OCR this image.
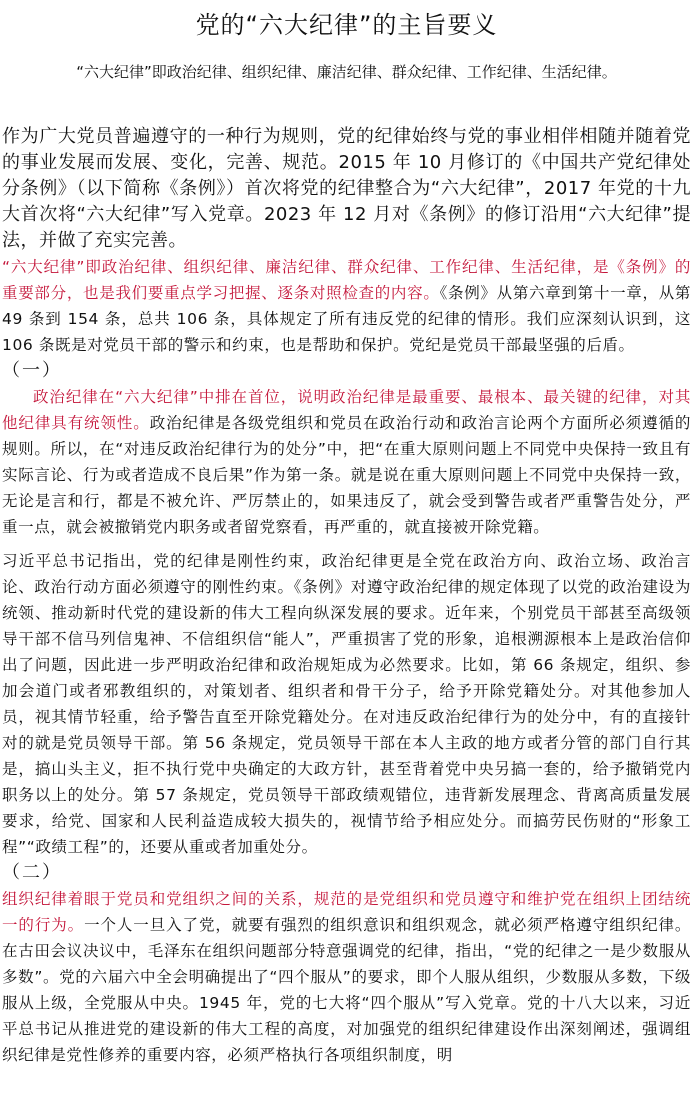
党的“六大纪律”的主旨要义

“六大纪律”即政治纪律、组织纪律、廉洁纪律、群众纪律、工作纪律、生活纪律。

作为广大党员普遍遵守的一种行为规则，党的纪律始终与党的事业相伴相随并随着党的事业发展而发展、变化，完善、规范。2015 年 10 月修订的《中国共产党纪律处分条例》（以下简称《条例》）首次将党的纪律整合为“六大纪律”，2017 年党的十九大首次将“六大纪律”写入党章。2023 年 12 月对《条例》的修订沿用“六大纪律”提法，并做了充实完善。

“六大纪律”即政治纪律、组织纪律、廉洁纪律、群众纪律、工作纪律、生活纪律，是《条例》的重要部分，也是我们要重点学习把握、逐条对照检查的内容。《条例》从第六章到第十一章，从第 49 条到 154 条，总共 106 条，具体规定了所有违反党的纪律的情形。我们应深刻认识到，这 106 条既是对党员干部的警示和约束，也是帮助和保护。党纪是党员干部最坚强的后盾。

（一）

政治纪律在“六大纪律”中排在首位，说明政治纪律是最重要、最根本、最关键的纪律，对其他纪律具有统领性。政治纪律是各级党组织和党员在政治行动和政治言论两个方面所必须遵循的规则。所以，在“对违反政治纪律行为的处分”中，把“在重大原则问题上不同党中央保持一致且有实际言论、行为或者造成不良后果”作为第一条。就是说在重大原则问题上不同党中央保持一致，无论是言和行，都是不被允许、严厉禁止的，如果违反了，就会受到警告或者严重警告处分，严重一点，就会被撤销党内职务或者留党察看，再严重的，就直接被开除党籍。

习近平总书记指出，党的纪律是刚性约束，政治纪律更是全党在政治方向、政治立场、政治言论、政治行动方面必须遵守的刚性约束。《条例》对遵守政治纪律的规定体现了以党的政治建设为统领、推动新时代党的建设新的伟大工程向纵深发展的要求。近年来，个别党员干部甚至高级领导干部不信马列信鬼神、不信组织信“能人”，严重损害了党的形象，追根溯源根本上是政治信仰出了问题，因此进一步严明政治纪律和政治规矩成为必然要求。比如，第 66 条规定，组织、参加会道门或者邪教组织的，对策划者、组织者和骨干分子，给予开除党籍处分。对其他参加人员，视其情节轻重，给予警告直至开除党籍处分。在对违反政治纪律行为的处分中，有的直接针对的就是党员领导干部。第 56 条规定，党员领导干部在本人主政的地方或者分管的部门自行其是，搞山头主义，拒不执行党中央确定的大政方针，甚至背着党中央另搞一套的，给予撤销党内职务以上的处分。第 57 条规定，党员领导干部政绩观错位，违背新发展理念、背离高质量发展要求，给党、国家和人民利益造成较大损失的，视情节给予相应处分。而搞劳民伤财的“形象工程”“政绩工程”的，还要从重或者加重处分。

（二）

组织纪律着眼于党员和党组织之间的关系，规范的是党组织和党员遵守和维护党在组织上团结统一的行为。一个人一旦入了党，就要有强烈的组织意识和组织观念，就必须严格遵守组织纪律。在古田会议决议中，毛泽东在组织问题部分特意强调党的纪律，指出，“党的纪律之一是少数服从多数”。党的六届六中全会明确提出了“四个服从”的要求，即个人服从组织，少数服从多数，下级服从上级，全党服从中央。1945 年，党的七大将“四个服从”写入党章。党的十八大以来，习近平总书记从推进党的建设新的伟大工程的高度，对加强党的组织纪律建设作出深刻阐述，强调组织纪律是党性修养的重要内容，必须严格执行各项组织制度，明
